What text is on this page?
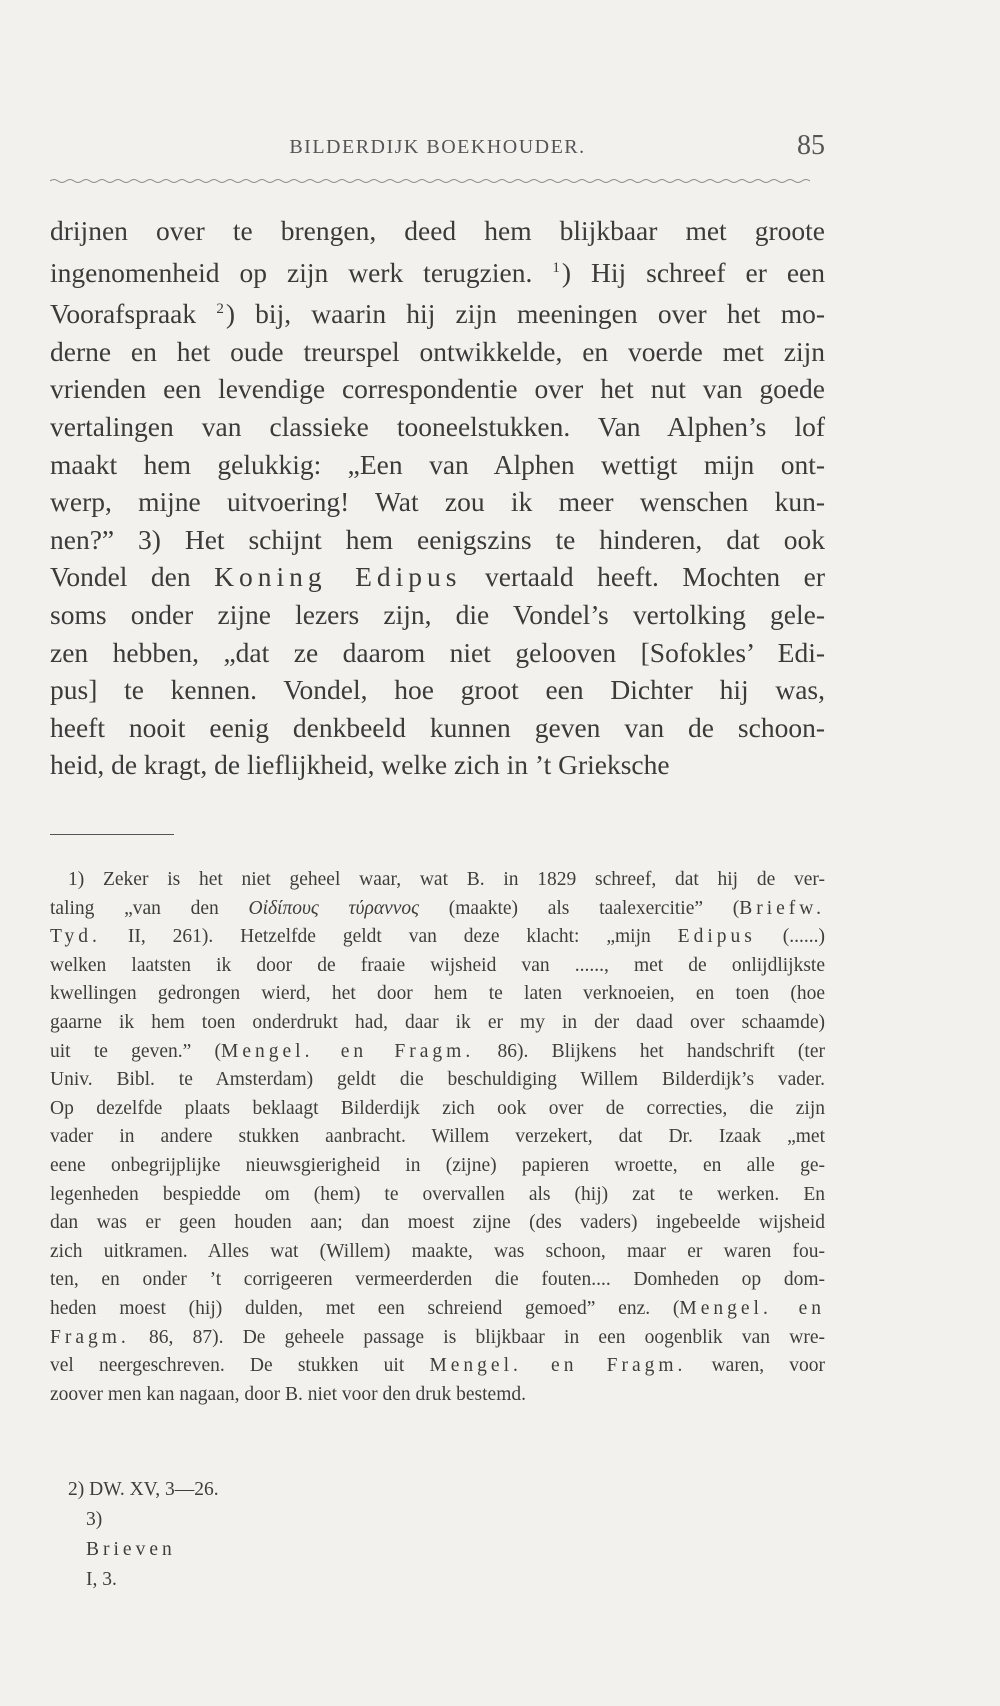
BILDERDIJK BOEKHOUDER.	85
drijnen over te brengen, deed hem blijkbaar met groote
ingenomenheid op zijn werk terugzien. $^1$) Hij schreef er een
Voorafspraak $^2$) bij, waarin hij zijn meeningen over het mo-
derne en het oude treurspel ontwikkelde, en voerde met zijn
vrienden een levendige correspondentie over het nut van goede
vertalingen van classieke tooneelstukken. Van Alphen’s lof
maakt hem gelukkig: „Een van Alphen wettigt mijn ont-
werp, mijne uitvoering! Wat zou ik meer wenschen kun-
nen?” 3) Het schijnt hem eenigszins te hinderen, dat ook
Vondel den Koning Edipus vertaald heeft. Mochten er
soms onder zijne lezers zijn, die Vondel’s vertolking gele-
zen hebben, „dat ze daarom niet gelooven [Sofokles’ Edi-
pus] te kennen. Vondel, hoe groot een Dichter hij was,
heeft nooit eenig denkbeeld kunnen geven van de schoon-
heid, de kragt, de lieflijkheid, welke zich in ’t Grieksche
1) Zeker is het niet geheel waar, wat B. in 1829 schreef, dat hij de ver-
taling „van den Οἰδίπους τύραννος (maakte) als taalexercitie” (Briefw.
Tyd. II, 261). Hetzelfde geldt van deze klacht: „mijn Edipus (......)
welken laatsten ik door de fraaie wijsheid van ......, met de onlijdlijkste
kwellingen gedrongen wierd, het door hem te laten verknoeien, en toen (hoe
gaarne ik hem toen onderdrukt had, daar ik er my in der daad over schaamde)
uit te geven.” (Mengel. en Fragm. 86). Blijkens het handschrift (ter
Univ. Bibl. te Amsterdam) geldt die beschuldiging Willem Bilderdijk’s vader.
Op dezelfde plaats beklaagt Bilderdijk zich ook over de correcties, die zijn
vader in andere stukken aanbracht. Willem verzekert, dat Dr. Izaak „met
eene onbegrijplijke nieuwsgierigheid in (zijne) papieren wroette, en alle ge-
legenheden bespiedde om (hem) te overvallen als (hij) zat te werken. En
dan was er geen houden aan; dan moest zijne (des vaders) ingebeelde wijsheid
zich uitkramen. Alles wat (Willem) maakte, was schoon, maar er waren fou-
ten, en onder ’t corrigeeren vermeerderden die fouten.... Domheden op dom-
heden moest (hij) dulden, met een schreiend gemoed” enz. (Mengel. en
Fragm. 86, 87). De geheele passage is blijkbaar in een oogenblik van wre-
vel neergeschreven. De stukken uit Mengel. en Fragm. waren, voor
zoover men kan nagaan, door B. niet voor den druk bestemd.
2) DW. XV, 3—26.
3)
Brieven
I, 3.
